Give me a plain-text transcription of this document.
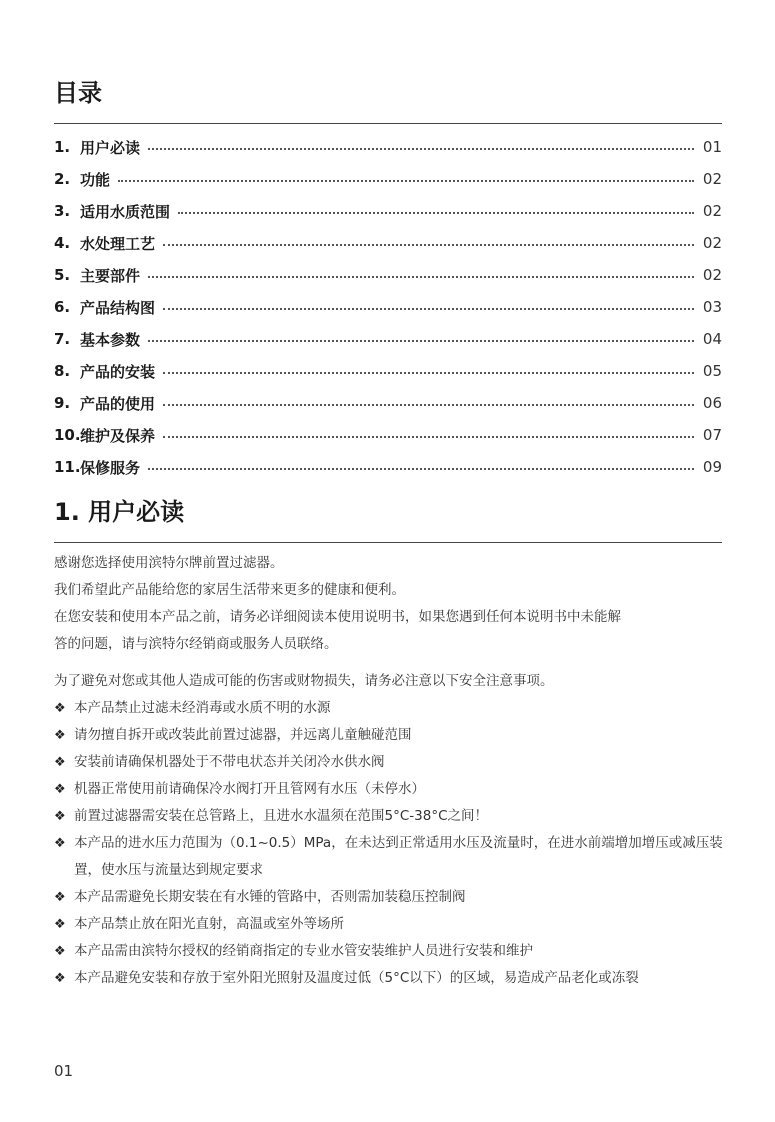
目录
1. 用户必读	01
2. 功能	02
3. 适用水质范围	02
4. 水处理工艺	02
5. 主要部件	02
6. 产品结构图	03
7. 基本参数	04
8. 产品的安装	05
9. 产品的使用	06
10. 维护及保养	07
11. 保修服务	09
1. 用户必读

感谢您选择使用滨特尔牌前置过滤器。

我们希望此产品能给您的家居生活带来更多的健康和便利。

在您安装和使用本产品之前，请务必详细阅读本使用说明书，如果您遇到任何本说明书中未能解

答的问题，请与滨特尔经销商或服务人员联络。

为了避免对您或其他人造成可能的伤害或财物损失，请务必注意以下安全注意事项。

❖ 本产品禁止过滤未经消毒或水质不明的水源
❖ 请勿擅自拆开或改装此前置过滤器，并远离儿童触碰范围
❖ 安装前请确保机器处于不带电状态并关闭冷水供水阀
❖ 机器正常使用前请确保冷水阀打开且管网有水压（未停水）
❖ 前置过滤器需安装在总管路上，且进水水温须在范围5°C-38°C之间！
❖ 本产品的进水压力范围为（0.1~0.5）MPa，在未达到正常适用水压及流量时，在进水前端增加增压或减压装置，使水压与流量达到规定要求
❖ 本产品需避免长期安装在有水锤的管路中，否则需加装稳压控制阀
❖ 本产品禁止放在阳光直射，高温或室外等场所
❖ 本产品需由滨特尔授权的经销商指定的专业水管安装维护人员进行安装和维护
❖ 本产品避免安装和存放于室外阳光照射及温度过低（5°C以下）的区域，易造成产品老化或冻裂
01
